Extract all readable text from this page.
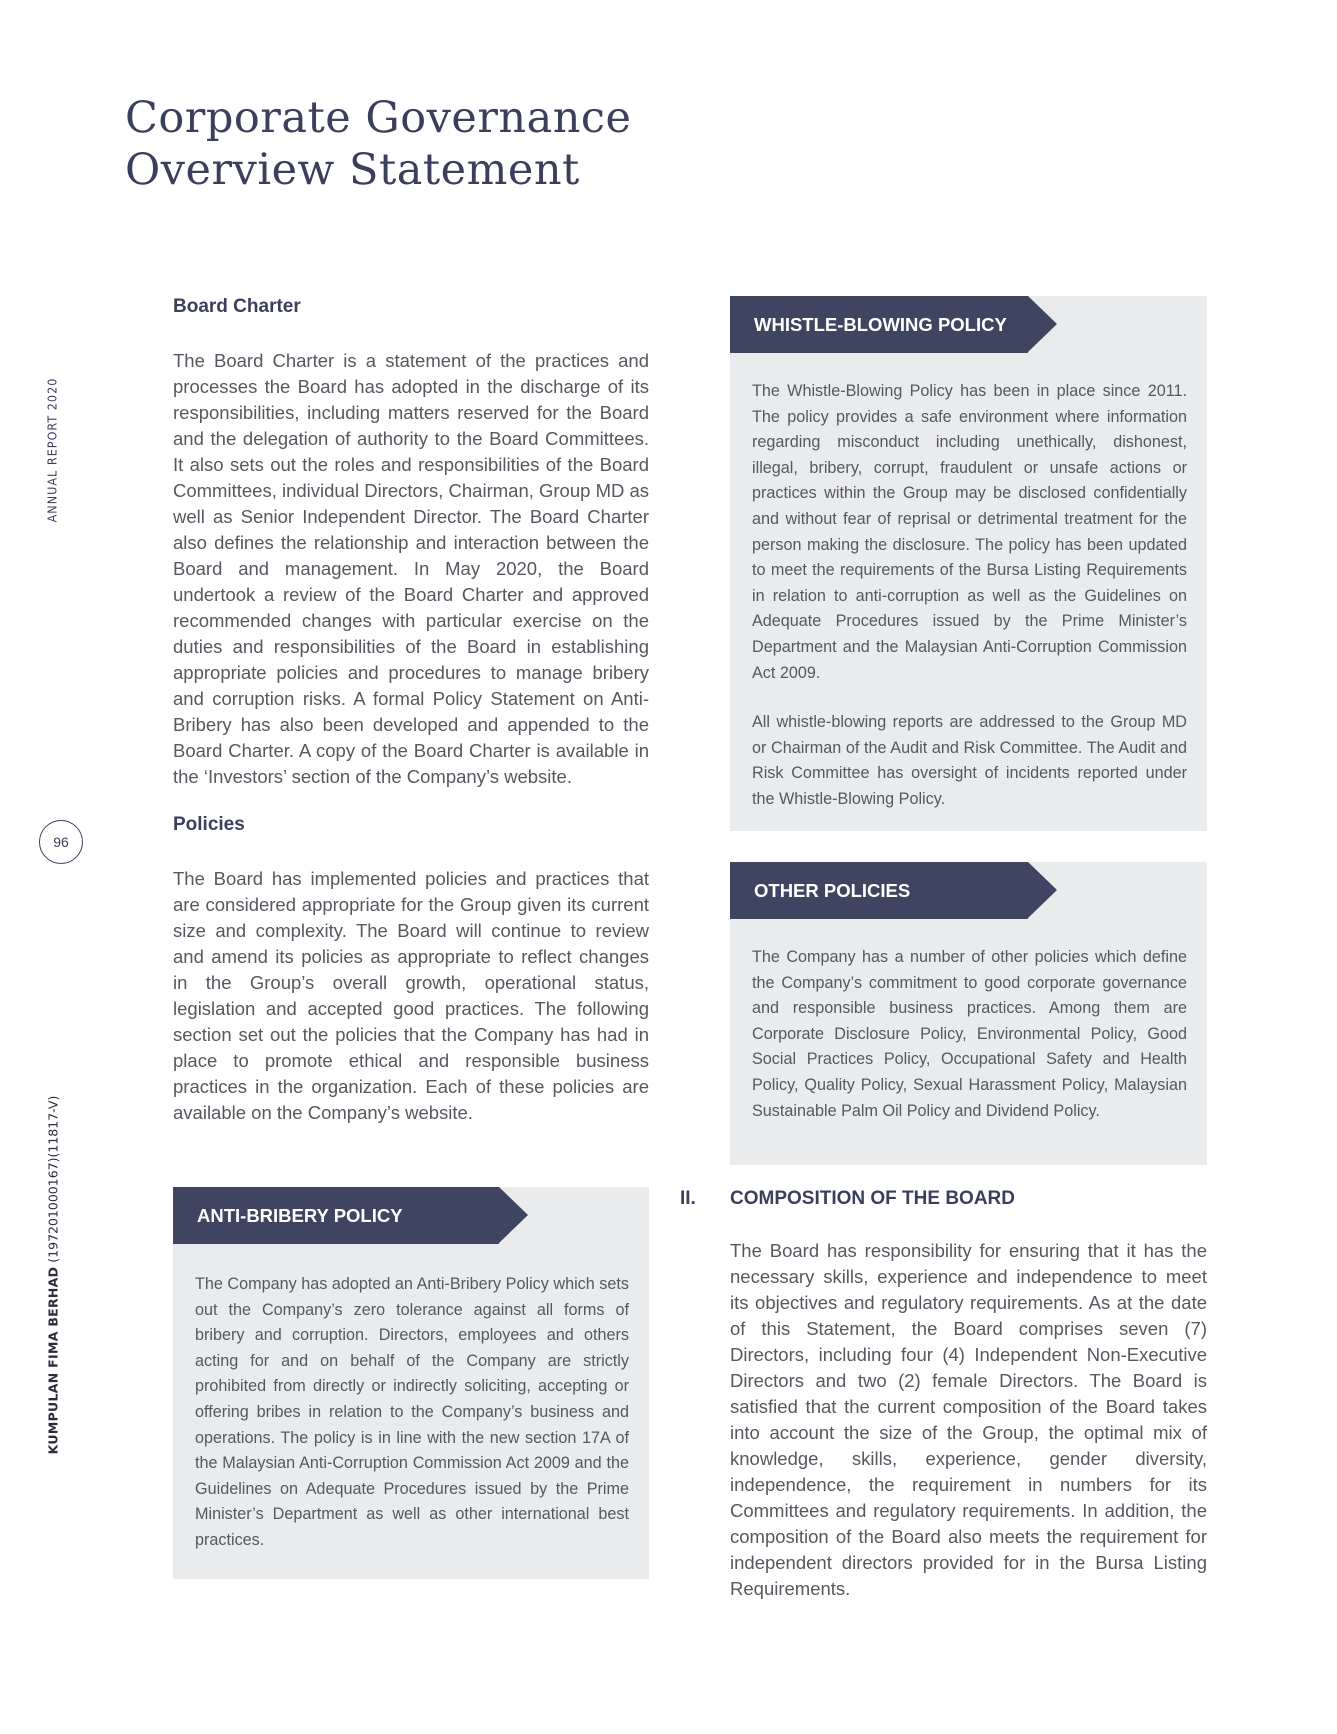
Corporate Governance
Overview Statement
ANNUAL REPORT 2020
KUMPULAN FIMA BERHAD (197201000167)(11817-V)
96
Board Charter

The Board Charter is a statement of the practices and processes the Board has adopted in the discharge of its responsibilities, including matters reserved for the Board and the delegation of authority to the Board Committees. It also sets out the roles and responsibilities of the Board Committees, individual Directors, Chairman, Group MD as well as Senior Independent Director. The Board Charter also defines the relationship and interaction between the Board and management. In May 2020, the Board undertook a review of the Board Charter and approved recommended changes with particular exercise on the duties and responsibilities of the Board in establishing appropriate policies and procedures to manage bribery and corruption risks. A formal Policy Statement on Anti-Bribery has also been developed and appended to the Board Charter. A copy of the Board Charter is available in the ‘Investors’ section of the Company’s website.

Policies

The Board has implemented policies and practices that are considered appropriate for the Group given its current size and complexity. The Board will continue to review and amend its policies as appropriate to reflect changes in the Group’s overall growth, operational status, legislation and accepted good practices. The following section set out the policies that the Company has had in place to promote ethical and responsible business practices in the organization. Each of these policies are available on the Company’s website.

ANTI-BRIBERY POLICY

The Company has adopted an Anti-Bribery Policy which sets out the Company’s zero tolerance against all forms of bribery and corruption. Directors, employees and others acting for and on behalf of the Company are strictly prohibited from directly or indirectly soliciting, accepting or offering bribes in relation to the Company’s business and operations. The policy is in line with the new section 17A of the Malaysian Anti-Corruption Commission Act 2009 and the Guidelines on Adequate Procedures issued by the Prime Minister’s Department as well as other international best practices.

WHISTLE-BLOWING POLICY

The Whistle-Blowing Policy has been in place since 2011. The policy provides a safe environment where information regarding misconduct including unethically, dishonest, illegal, bribery, corrupt, fraudulent or unsafe actions or practices within the Group may be disclosed confidentially and without fear of reprisal or detrimental treatment for the person making the disclosure. The policy has been updated to meet the requirements of the Bursa Listing Requirements in relation to anti-corruption as well as the Guidelines on Adequate Procedures issued by the Prime Minister’s Department and the Malaysian Anti-Corruption Commission Act 2009.

All whistle-blowing reports are addressed to the Group MD or Chairman of the Audit and Risk Committee. The Audit and Risk Committee has oversight of incidents reported under the Whistle-Blowing Policy.

OTHER POLICIES

The Company has a number of other policies which define the Company’s commitment to good corporate governance and responsible business practices. Among them are Corporate Disclosure Policy, Environmental Policy, Good Social Practices Policy, Occupational Safety and Health Policy, Quality Policy, Sexual Harassment Policy, Malaysian Sustainable Palm Oil Policy and Dividend Policy.

II.	COMPOSITION OF THE BOARD

The Board has responsibility for ensuring that it has the necessary skills, experience and independence to meet its objectives and regulatory requirements. As at the date of this Statement, the Board comprises seven (7) Directors, including four (4) Independent Non-Executive Directors and two (2) female Directors. The Board is satisfied that the current composition of the Board takes into account the size of the Group, the optimal mix of knowledge, skills, experience, gender diversity, independence, the requirement in numbers for its Committees and regulatory requirements. In addition, the composition of the Board also meets the requirement for independent directors provided for in the Bursa Listing Requirements.
